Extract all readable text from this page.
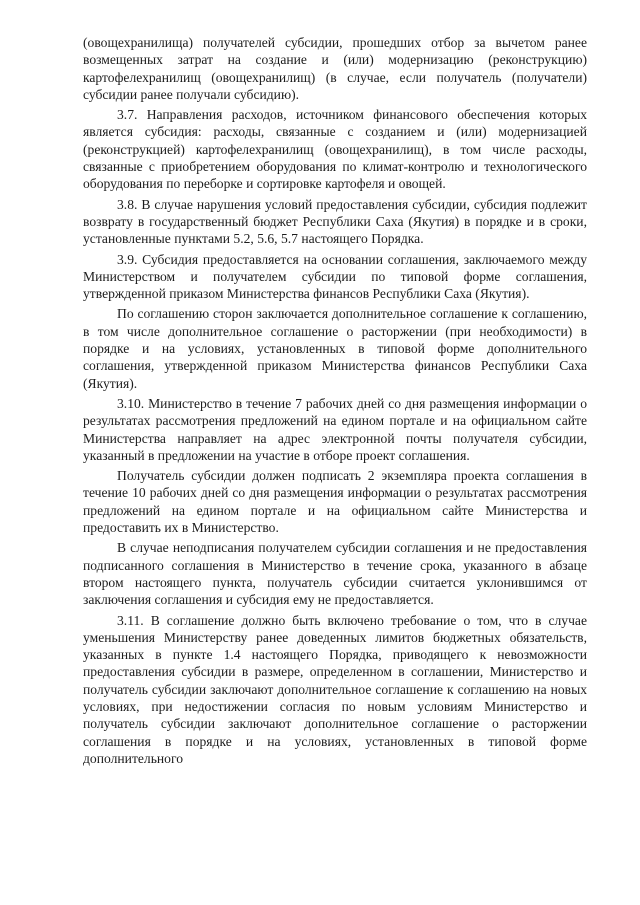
(овощехранилища) получателей субсидии, прошедших отбор за вычетом ранее возмещенных затрат на создание и (или) модернизацию (реконструкцию) картофелехранилищ (овощехранилищ) (в случае, если получатель (получатели) субсидии ранее получали субсидию).

3.7. Направления расходов, источником финансового обеспечения которых является субсидия: расходы, связанные с созданием и (или) модернизацией (реконструкцией) картофелехранилищ (овощехранилищ), в том числе расходы, связанные с приобретением оборудования по климат-контролю и технологического оборудования по переборке и сортировке картофеля и овощей.

3.8. В случае нарушения условий предоставления субсидии, субсидия подлежит возврату в государственный бюджет Республики Саха (Якутия) в порядке и в сроки, установленные пунктами 5.2, 5.6, 5.7 настоящего Порядка.

3.9. Субсидия предоставляется на основании соглашения, заключаемого между Министерством и получателем субсидии по типовой форме соглашения, утвержденной приказом Министерства финансов Республики Саха (Якутия).

По соглашению сторон заключается дополнительное соглашение к соглашению, в том числе дополнительное соглашение о расторжении (при необходимости) в порядке и на условиях, установленных в типовой форме дополнительного соглашения, утвержденной приказом Министерства финансов Республики Саха (Якутия).

3.10. Министерство в течение 7 рабочих дней со дня размещения информации о результатах рассмотрения предложений на едином портале и на официальном сайте Министерства направляет на адрес электронной почты получателя субсидии, указанный в предложении на участие в отборе проект соглашения.

Получатель субсидии должен подписать 2 экземпляра проекта соглашения в течение 10 рабочих дней со дня размещения информации о результатах рассмотрения предложений на едином портале и на официальном сайте Министерства и предоставить их в Министерство.

В случае неподписания получателем субсидии соглашения и не предоставления подписанного соглашения в Министерство в течение срока, указанного в абзаце втором настоящего пункта, получатель субсидии считается уклонившимся от заключения соглашения и субсидия ему не предоставляется.

3.11. В соглашение должно быть включено требование о том, что в случае уменьшения Министерству ранее доведенных лимитов бюджетных обязательств, указанных в пункте 1.4 настоящего Порядка, приводящего к невозможности предоставления субсидии в размере, определенном в соглашении, Министерство и получатель субсидии заключают дополнительное соглашение к соглашению на новых условиях, при недостижении согласия по новым условиям Министерство и получатель субсидии заключают дополнительное соглашение о расторжении соглашения в порядке и на условиях, установленных в типовой форме дополнительного
